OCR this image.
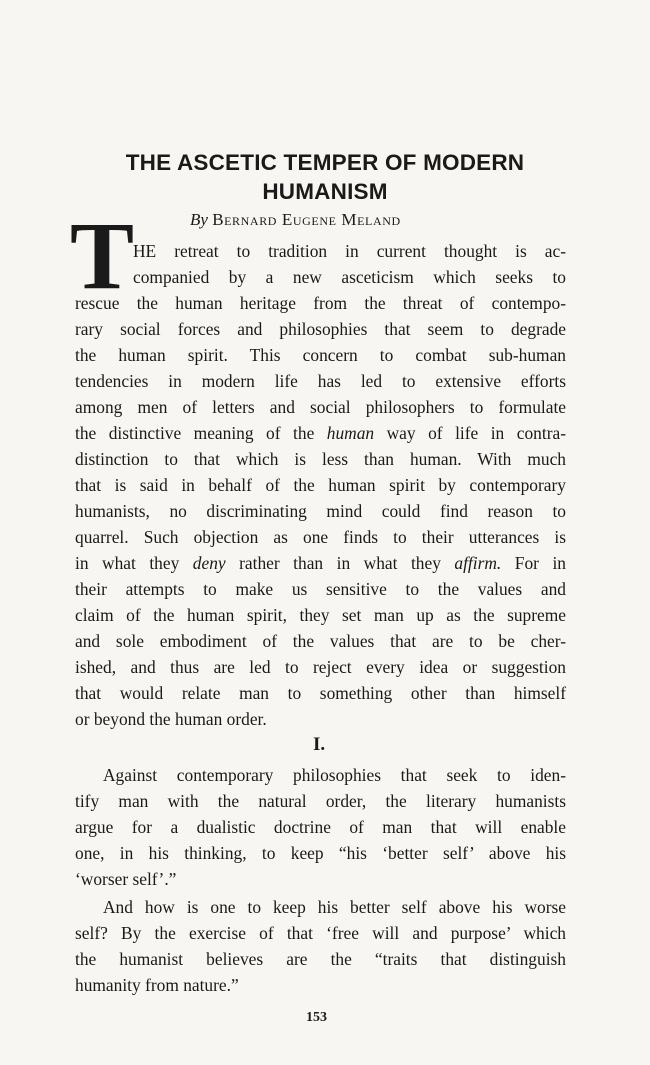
THE ASCETIC TEMPER OF MODERN
HUMANISM
By Bernard Eugene Meland
T
HE retreat to tradition in current thought is ac-
companied by a new asceticism which seeks to
rescue the human heritage from the threat of contempo-
rary social forces and philosophies that seem to degrade
the human spirit. This concern to combat sub-human
tendencies in modern life has led to extensive efforts
among men of letters and social philosophers to formulate
the distinctive meaning of the human way of life in contra-
distinction to that which is less than human. With much
that is said in behalf of the human spirit by contemporary
humanists, no discriminating mind could find reason to
quarrel. Such objection as one finds to their utterances is
in what they deny rather than in what they affirm. For in
their attempts to make us sensitive to the values and
claim of the human spirit, they set man up as the supreme
and sole embodiment of the values that are to be cher-
ished, and thus are led to reject every idea or suggestion
that would relate man to something other than himself
or beyond the human order.
I.
Against contemporary philosophies that seek to iden-
tify man with the natural order, the literary humanists
argue for a dualistic doctrine of man that will enable
one, in his thinking, to keep “his ‘better self’ above his
‘worser self’.”
And how is one to keep his better self above his worse
self? By the exercise of that ‘free will and purpose’ which
the humanist believes are the “traits that distinguish
humanity from nature.”
153
